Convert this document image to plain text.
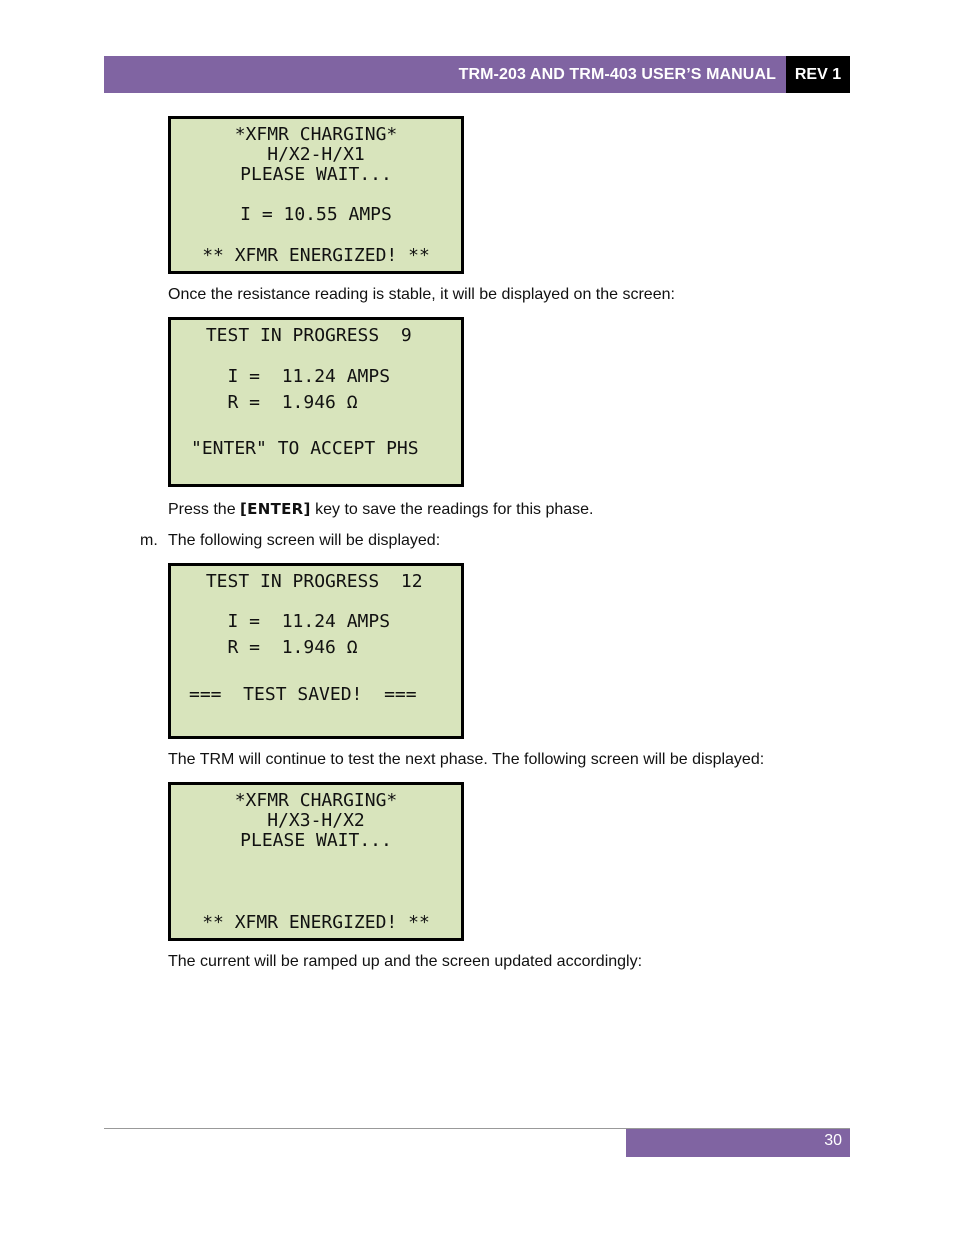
TRM-203 AND TRM-403 USER’S MANUAL	REV 1
*XFMR CHARGING*
H/X2-H/X1
PLEASE WAIT...
I = 10.55 AMPS
** XFMR ENERGIZED! **
Once the resistance reading is stable, it will be displayed on the screen:
TEST IN PROGRESS  9
I =  11.24 AMPS
R =  1.946 Ω
"ENTER" TO ACCEPT PHS
Press the [ENTER] key to save the readings for this phase.
m. The following screen will be displayed:
TEST IN PROGRESS  12
I =  11.24 AMPS
R =  1.946 Ω
===  TEST SAVED!  ===
The TRM will continue to test the next phase. The following screen will be displayed:
*XFMR CHARGING*
H/X3-H/X2
PLEASE WAIT...
** XFMR ENERGIZED! **
The current will be ramped up and the screen updated accordingly:
30
